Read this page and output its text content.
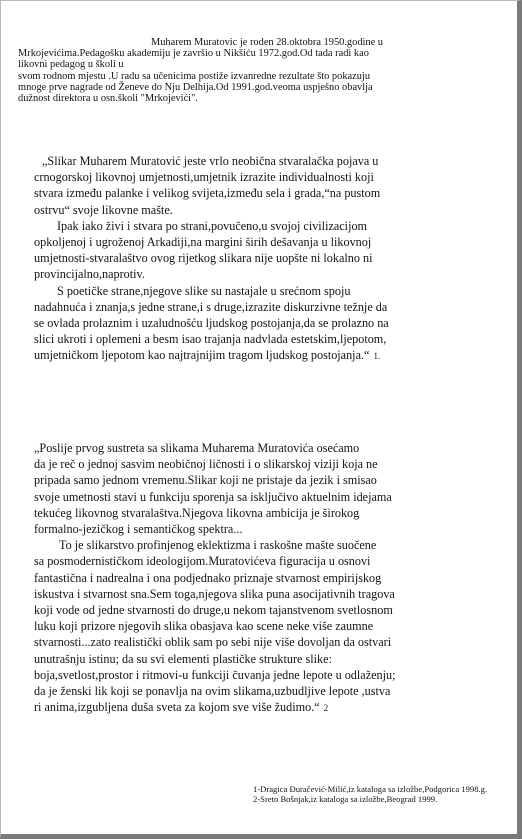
Muharem Muratovic je roden 28.oktobra 1950.godine u
Mrkojevićima.Pedagošku akademiju je završio u Nikšiću 1972.god.Od tada radi kao
likovni pedagog u školi u
svom rodnom mjestu .U radu sa učenicima postiže izvanredne rezultate što pokazuju
mnoge prve nagrade od Ženeve do Nju Delhija.Od 1991.god.veoma uspješno obavlja
dužnost direktora u osn.školi "Mrkojevići".

„Slikar Muharem Muratović jeste vrlo neobična stvaralačka pojava u
crnogorskoj likovnoj umjetnosti,umjetnik izrazite individualnosti koji
stvara između palanke i velikog svijeta,između sela i grada,“na pustom
ostrvu“ svoje likovne mašte.

Ipak iako živi i stvara po strani,povučeno,u svojoj civilizacijom
opkoljenoj i ugroženoj Arkadiji,na margini širih dešavanja u likovnoj
umjetnosti-stvaralaštvo ovog rijetkog slikara nije uopšte ni lokalno ni
provincijalno,naprotiv.

S poetičke strane,njegove slike su nastajale u srećnom spoju
nadahnuća i znanja,s jedne strane,i s druge,izrazite diskurzivne težnje da
se ovlada prolaznim i uzaludnošću ljudskog postojanja,da se prolazno na
slici ukroti i oplemeni a besm isao trajanja nadvlada estetskim,ljepotom,
umjetničkom ljepotom kao najtrajnijim tragom ljudskog postojanja.“ 1.

„Poslije prvog sustreta sa slikama Muharema Muratovića osećamo
da je reč o jednoj sasvim neobičnoj ličnosti i o slikarskoj viziji koja ne
pripada samo jednom vremenu.Slikar koji ne pristaje da jezik i smisao
svoje umetnosti stavi u funkciju sporenja sa isključivo aktuelnim idejama
tekućeg likovnog stvaralaštva.Njegova likovna ambicija je širokog
formalno-jezičkog i semantičkog spektra...

To je slikarstvo profinjenog eklektizma i raskošne mašte suočene
sa posmodernističkom ideologijom.Muratovićeva figuracija u osnovi
fantastična i nadrealna i ona podjednako priznaje stvarnost empirijskog
iskustva i stvarnost sna.Sem toga,njegova slika puna asocijativnih tragova
koji vode od jedne stvarnosti do druge,u nekom tajanstvenom svetlosnom
luku koji prizore njegovih slika obasjava kao scene neke više zaumne
stvarnosti...zato realistički oblik sam po sebi nije više dovoljan da ostvari
unutrašnju istinu; da su svi elementi plastičke strukture slike:
boja,svetlost,prostor i ritmovi-u funkciji čuvanja jedne lepote u odlaženju;
da je ženski lik koji se ponavlja na ovim slikama,uzbudljive lepote ,ustva
ri anima,izgubljena duša sveta za kojom sve više žudimo.“ 2

1-Dragica Đuračević-Milić,iz kataloga sa izložbe,Podgorica 1998.g.
2-Sreto Bošnjak,iz kataloga sa izložbe,Beograd 1999.
